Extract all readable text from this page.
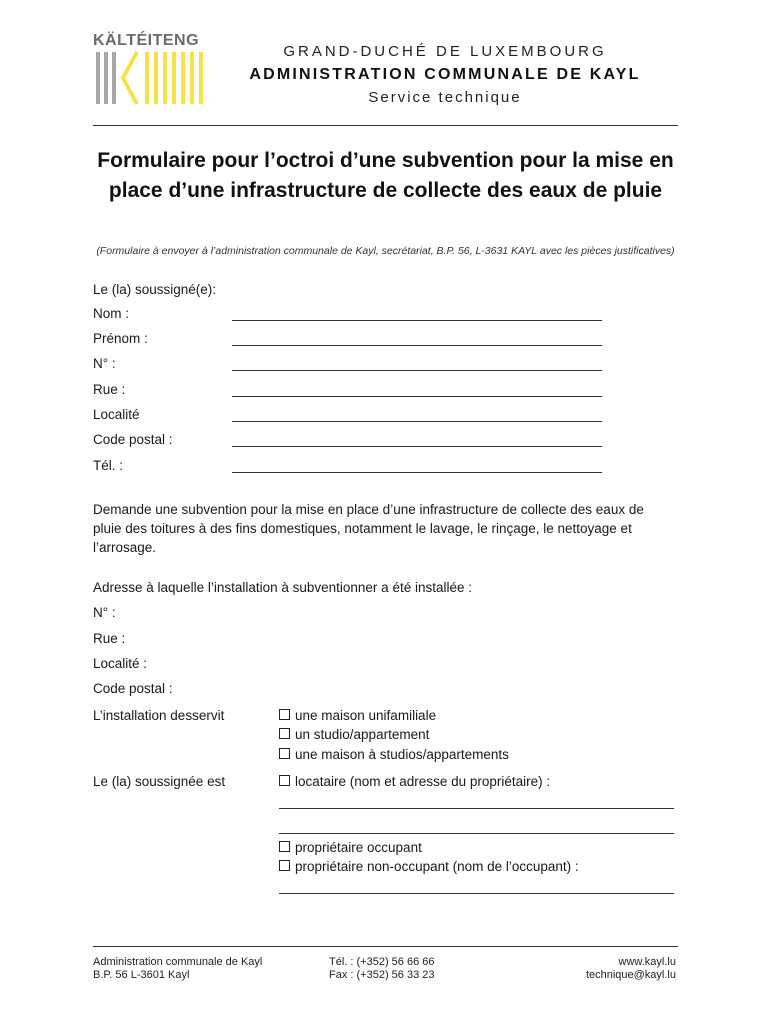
KÄLTÉITENG
GRAND-DUCHÉ DE LUXEMBOURG
ADMINISTRATION COMMUNALE DE KAYL
Service technique
Formulaire pour l’octroi d’une subvention pour la mise en place d’une infrastructure de collecte des eaux de pluie
(Formulaire à envoyer à l’administration communale de Kayl, secrétariat, B.P. 56, L-3631 KAYL avec les pièces justificatives)
Le (la) soussigné(e):
Nom :
Prénom :
N° :
Rue :
Localité
Code postal :
Tél. :
Demande une subvention pour la mise en place d’une infrastructure de collecte des eaux de pluie des toitures à des fins domestiques, notamment le lavage, le rinçage, le nettoyage et l’arrosage.
Adresse à laquelle l’installation à subventionner a été installée :
N° :
Rue :
Localité :
Code postal :
L’installation desservit	une maison unifamiliale
un studio/appartement
une maison à studios/appartements
Le (la) soussignée est	locataire (nom et adresse du propriétaire) :
propriétaire occupant
propriétaire non-occupant (nom de l’occupant) :
Administration communale de Kayl
B.P. 56 L-3601 Kayl
Tél. : (+352) 56 66 66
Fax : (+352) 56 33 23
www.kayl.lu
technique@kayl.lu
